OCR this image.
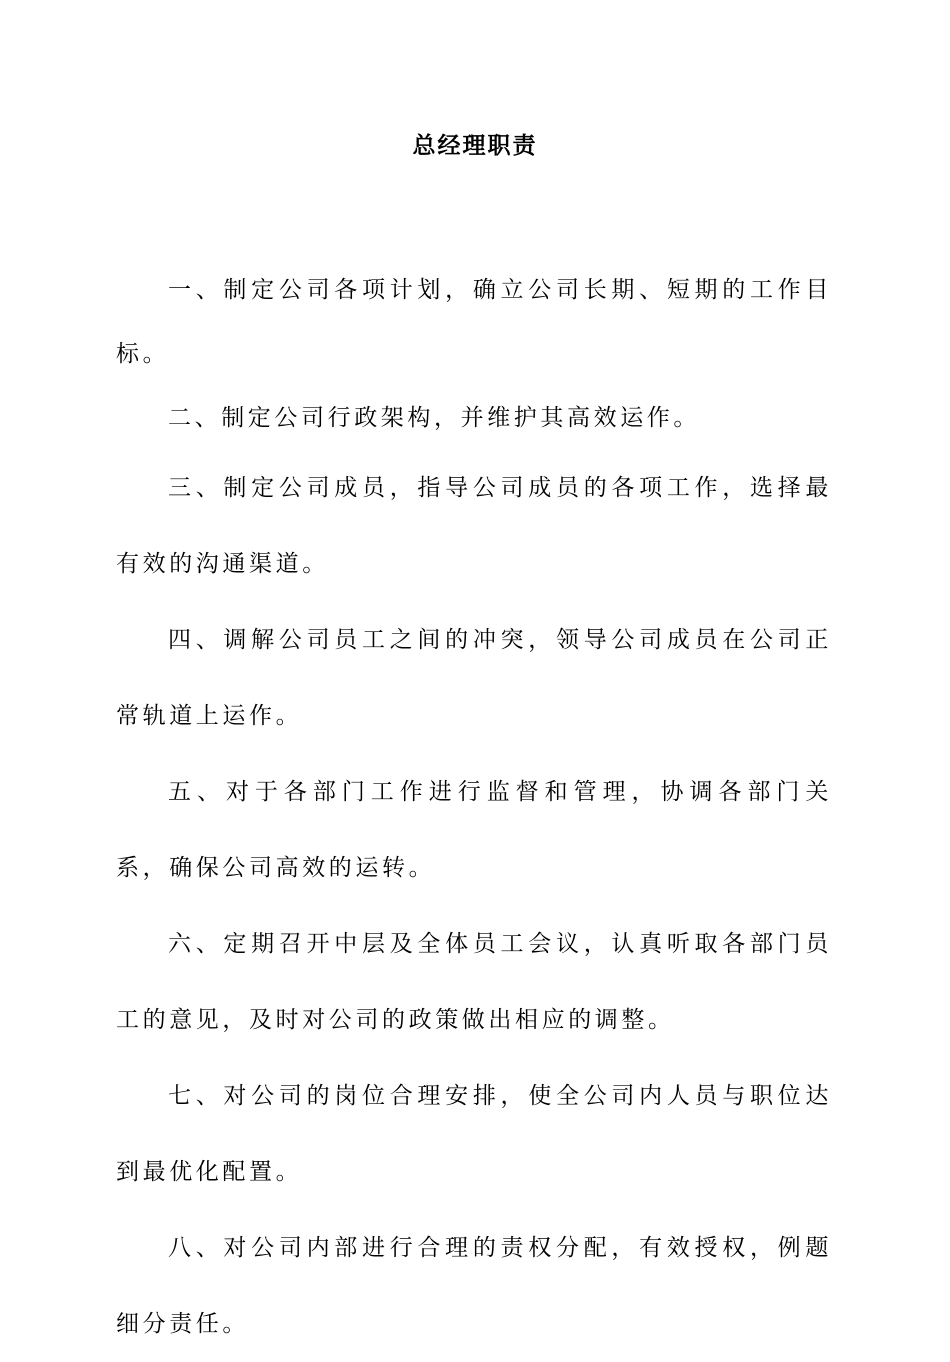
总经理职责

一、制定公司各项计划，确立公司长期、短期的工作目标。

二、制定公司行政架构，并维护其高效运作。

三、制定公司成员，指导公司成员的各项工作，选择最有效的沟通渠道。

四、调解公司员工之间的冲突，领导公司成员在公司正常轨道上运作。

五、对于各部门工作进行监督和管理，协调各部门关系，确保公司高效的运转。

六、定期召开中层及全体员工会议，认真听取各部门员工的意见，及时对公司的政策做出相应的调整。

七、对公司的岗位合理安排，使全公司内人员与职位达到最优化配置。

八、对公司内部进行合理的责权分配，有效授权，例题细分责任。
